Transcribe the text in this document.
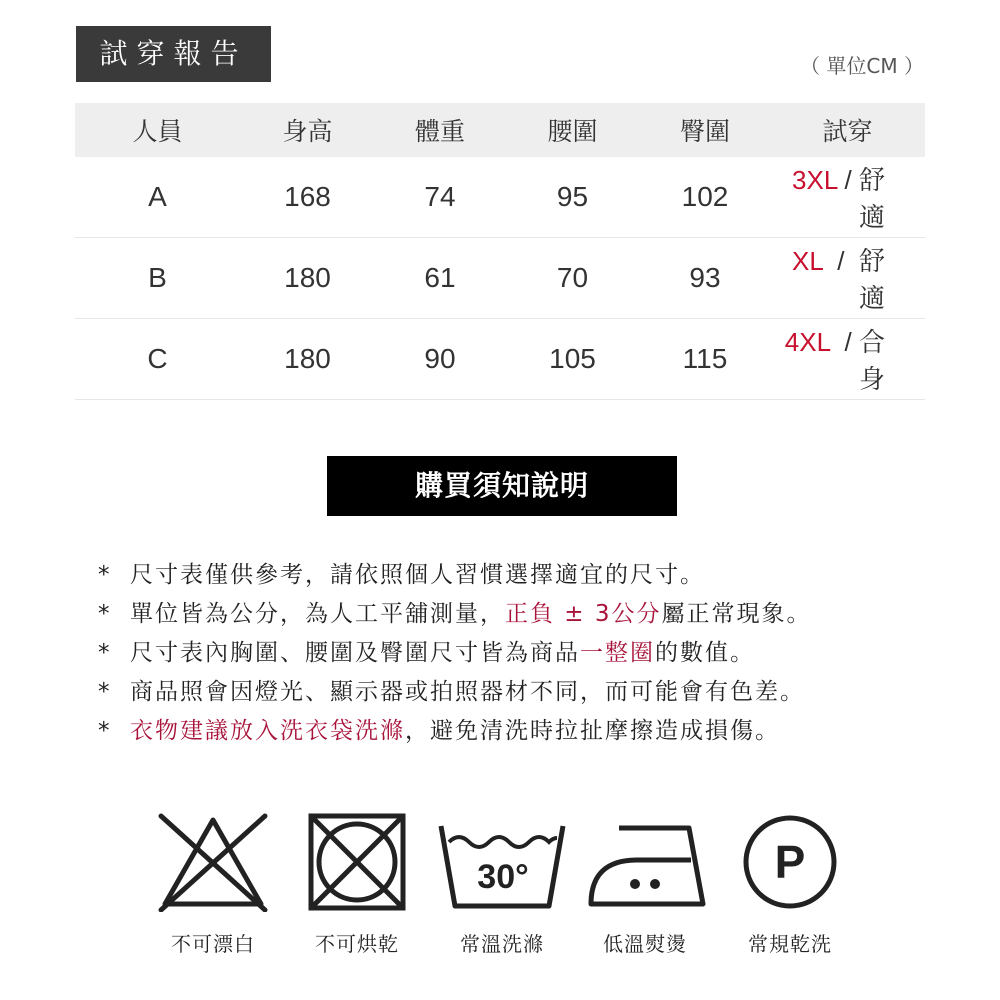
試穿報告	（ 單位CM ）
人員	身高	體重	腰圍	臀圍	試穿
A	168	74	95	102	3XL / 舒適
B	180	61	70	93	XL  /  舒適
C	180	90	105	115	4XL  / 合身
購買須知說明
* 尺寸表僅供參考，請依照個人習慣選擇適宜的尺寸。
* 單位皆為公分，為人工平舖測量，正負 ± 3公分屬正常現象。
* 尺寸表內胸圍、腰圍及臀圍尺寸皆為商品一整圈的數值。
* 商品照會因燈光、顯示器或拍照器材不同，而可能會有色差。
* 衣物建議放入洗衣袋洗滌，避免清洗時拉扯摩擦造成損傷。
30°	P
不可漂白	不可烘乾	常溫洗滌	低溫熨燙	常規乾洗
